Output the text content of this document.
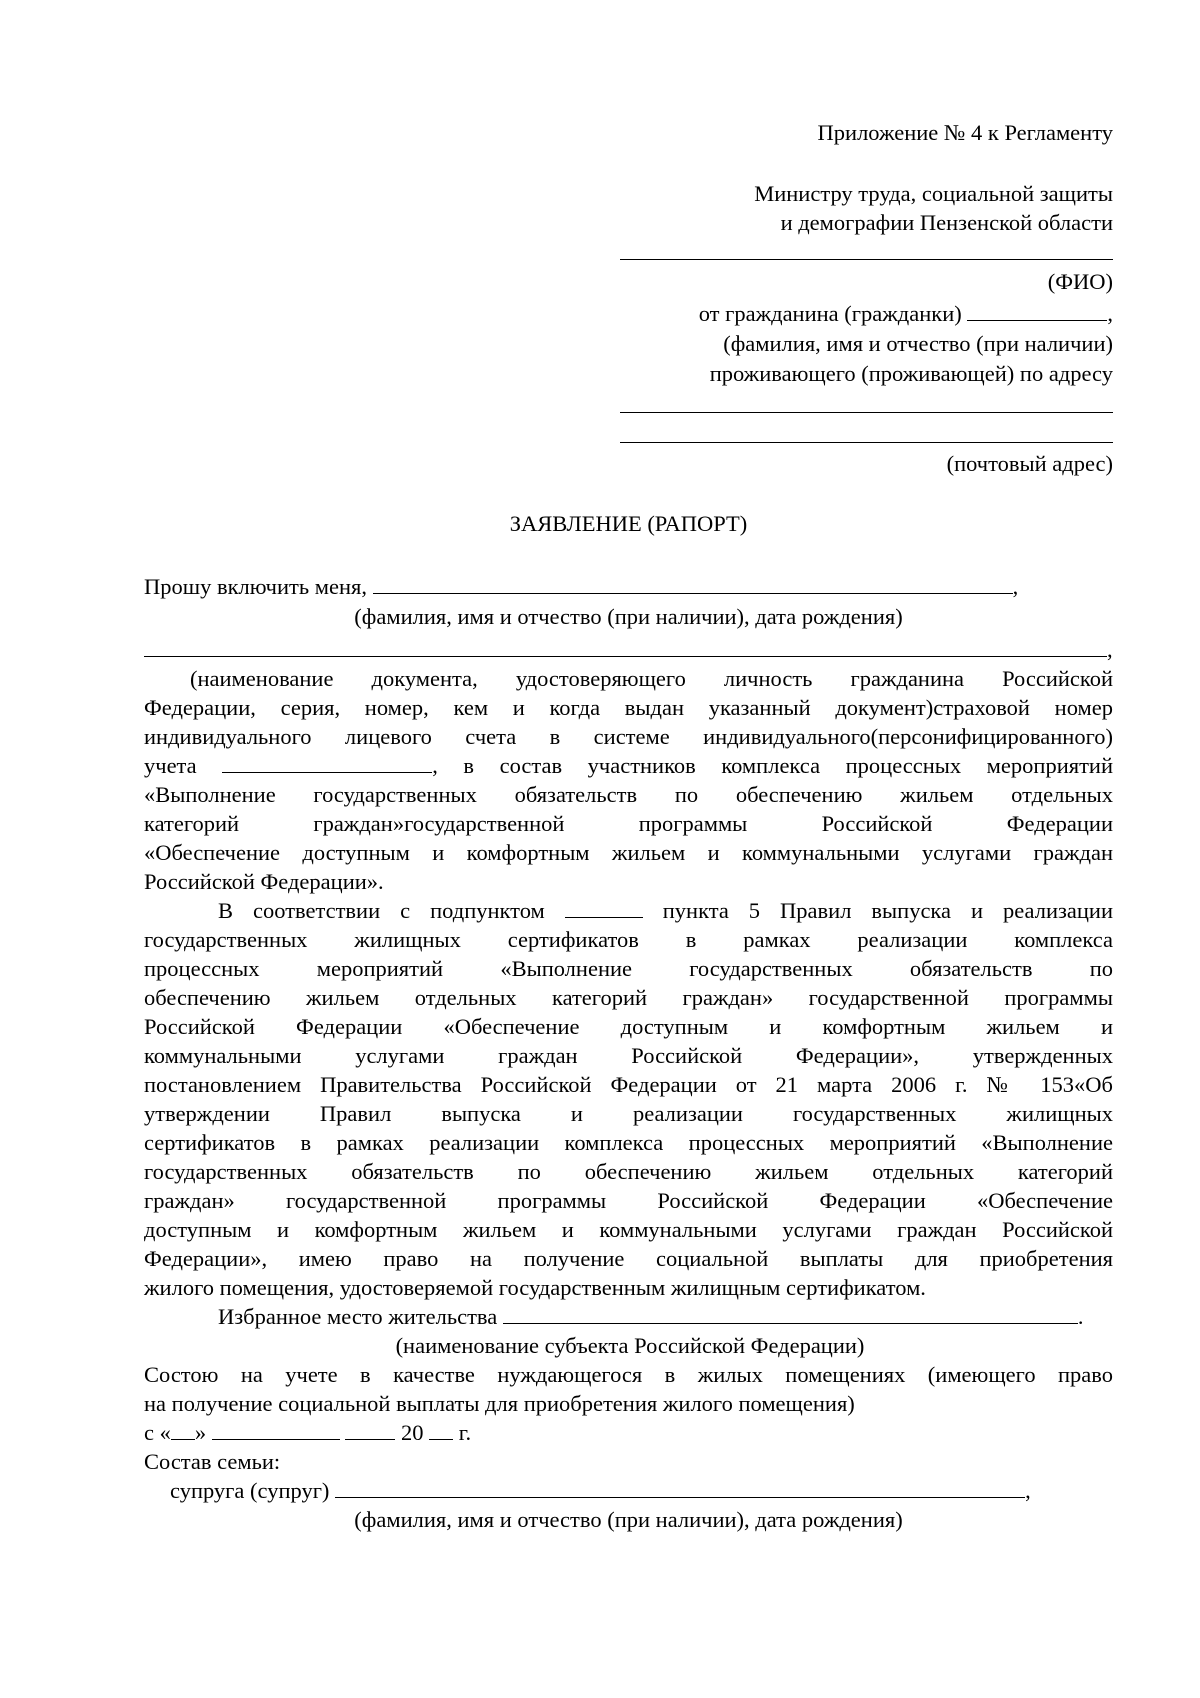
Приложение № 4 к Регламенту
Министру труда, социальной защиты
и демографии Пензенской области
(ФИО)
от гражданина (гражданки)	,
(фамилия, имя и отчество (при наличии)
проживающего (проживающей) по адресу
(почтовый адрес)
ЗАЯВЛЕНИЕ (РАПОРТ)
Прошу включить меня,	,
(фамилия, имя и отчество (при наличии), дата рождения)
,
(наименование документа, удостоверяющего личность гражданина Российской
Федерации, серия, номер, кем и когда выдан указанный документ)страховой номер
индивидуального лицевого счета в системе индивидуального(персонифицированного)
учета	, в состав участников комплекса процессных мероприятий
«Выполнение государственных обязательств по обеспечению жильем отдельных
категорий граждан»государственной программы Российской Федерации
«Обеспечение доступным и комфортным жильем и коммунальными услугами граждан
Российской Федерации».
В соответствии с подпунктом	пункта 5 Правил выпуска и реализации
государственных жилищных сертификатов в рамках реализации комплекса
процессных мероприятий «Выполнение государственных обязательств по
обеспечению жильем отдельных категорий граждан» государственной программы
Российской Федерации «Обеспечение доступным и комфортным жильем и
коммунальными услугами граждан Российской Федерации», утвержденных
постановлением Правительства Российской Федерации от 21 марта 2006 г. № 153«Об
утверждении Правил выпуска и реализации государственных жилищных
сертификатов в рамках реализации комплекса процессных мероприятий «Выполнение
государственных обязательств по обеспечению жильем отдельных категорий
граждан» государственной программы Российской Федерации «Обеспечение
доступным и комфортным жильем и коммунальными услугами граждан Российской
Федерации», имею право на получение социальной выплаты для приобретения
жилого помещения, удостоверяемой государственным жилищным сертификатом.
Избранное место жительства	.
(наименование субъекта Российской Федерации)
Состою на учете в качестве нуждающегося в жилых помещениях (имеющего право
на получение социальной выплаты для приобретения жилого помещения)
с « »	20  г.
Состав семьи:
супруга (супруг)	,
(фамилия, имя и отчество (при наличии), дата рождения)
